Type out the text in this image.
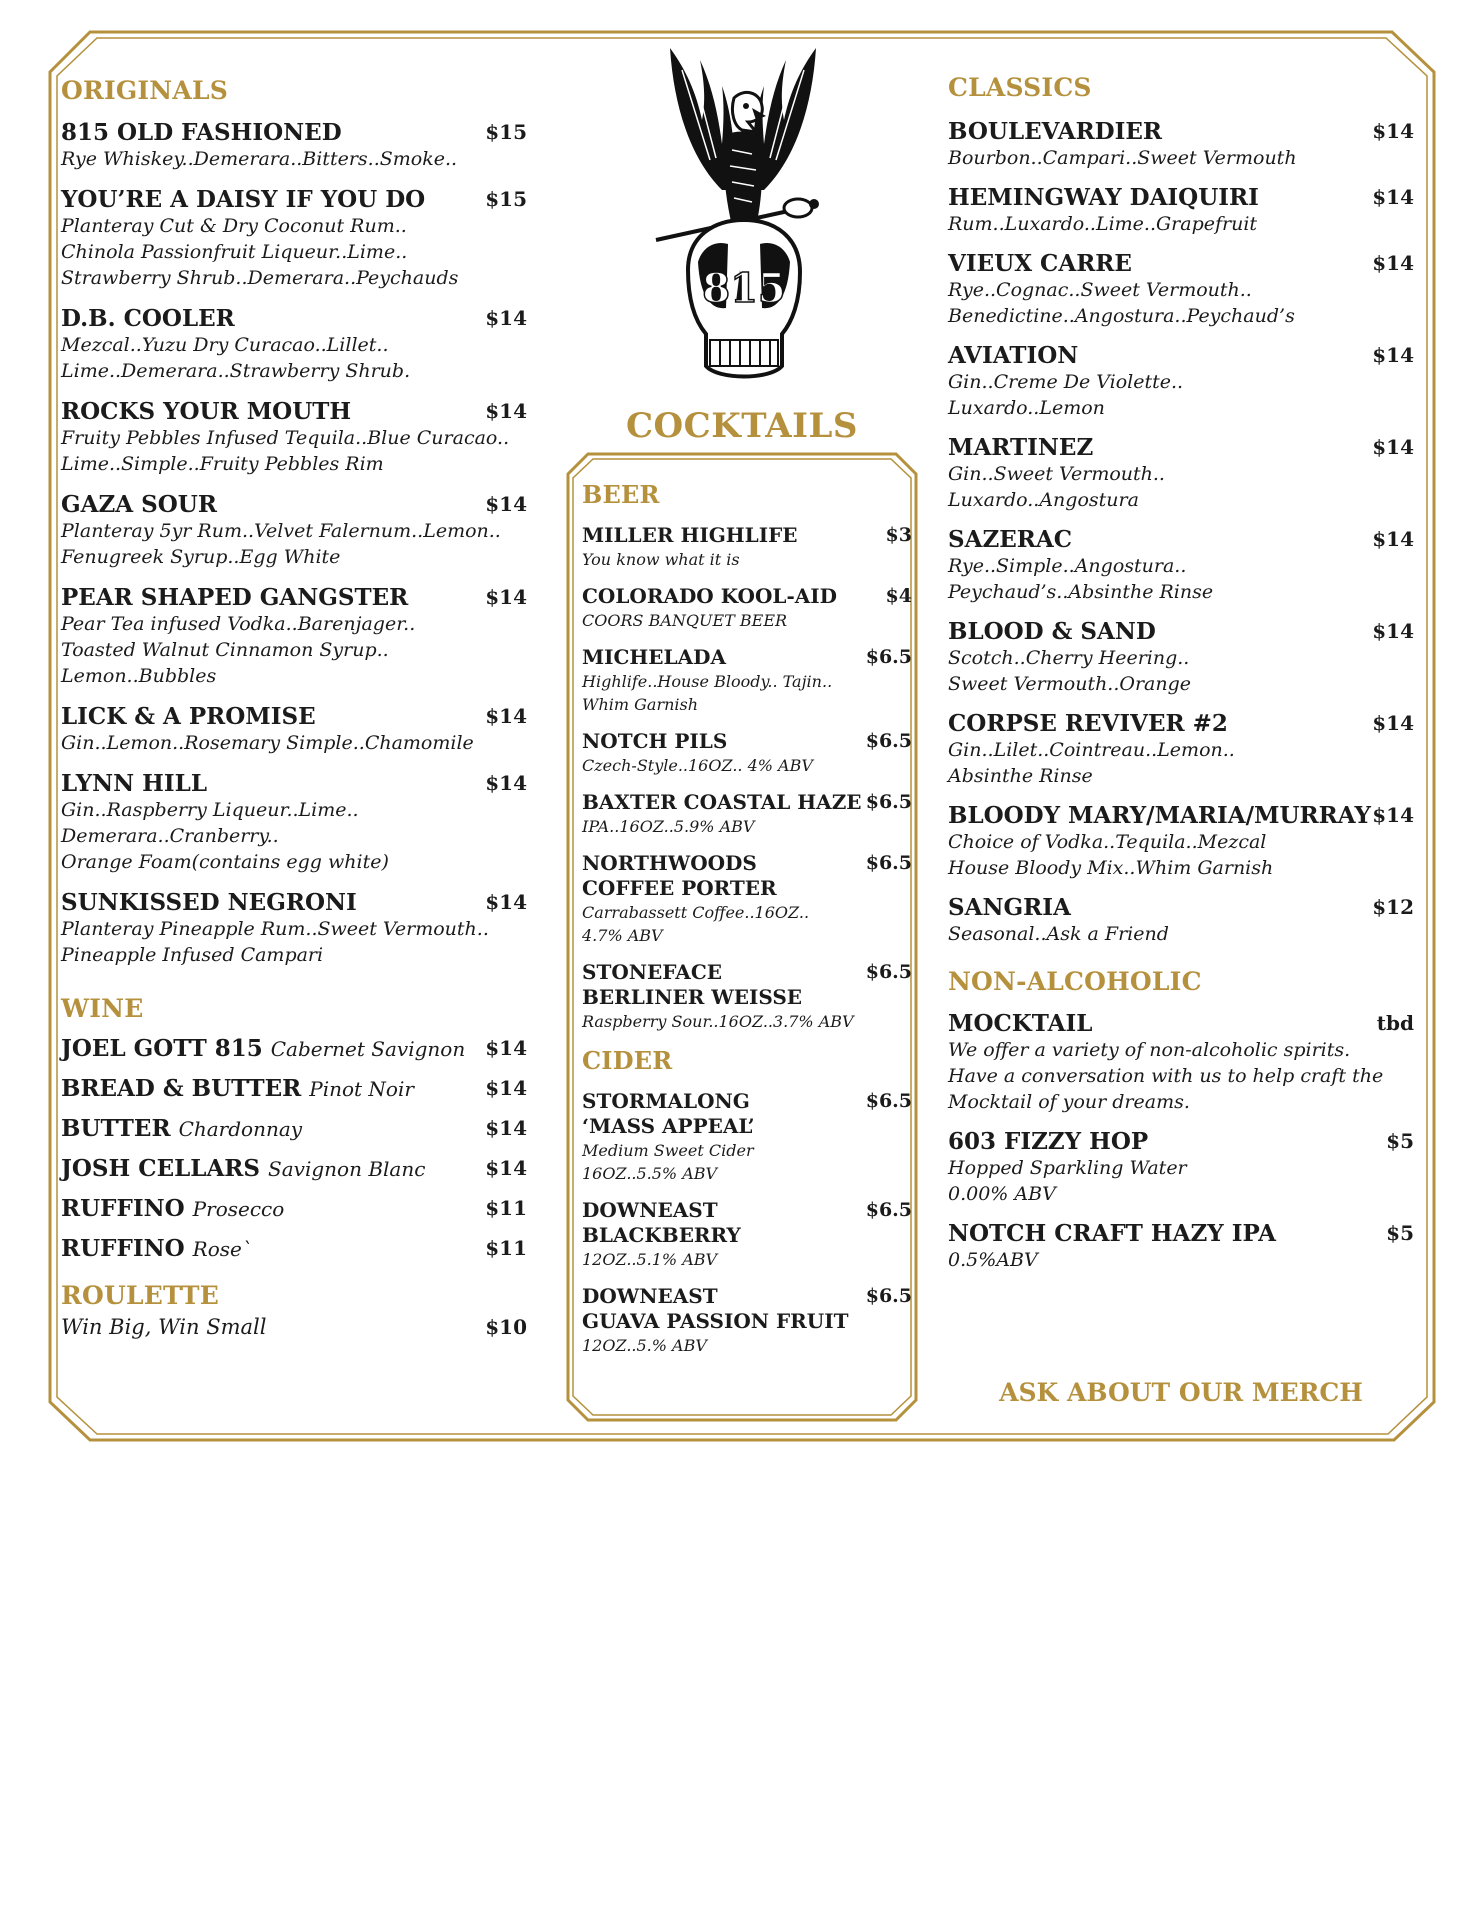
815
COCKTAILS
ORIGINALS
815 OLD FASHIONED	$15
Rye Whiskey..Demerara..Bitters..Smoke..
YOU’RE A DAISY IF YOU DO	$15
Planteray Cut & Dry Coconut Rum..
Chinola Passionfruit Liqueur..Lime..
Strawberry Shrub..Demerara..Peychauds
D.B. COOLER	$14
Mezcal..Yuzu Dry Curacao..Lillet..
Lime..Demerara..Strawberry Shrub.
ROCKS YOUR MOUTH	$14
Fruity Pebbles Infused Tequila..Blue Curacao..
Lime..Simple..Fruity Pebbles Rim
GAZA SOUR	$14
Planteray 5yr Rum..Velvet Falernum..Lemon..
Fenugreek Syrup..Egg White
PEAR SHAPED GANGSTER	$14
Pear Tea infused Vodka..Barenjager..
Toasted Walnut Cinnamon Syrup..
Lemon..Bubbles
LICK & A PROMISE	$14
Gin..Lemon..Rosemary Simple..Chamomile
LYNN HILL	$14
Gin..Raspberry Liqueur..Lime..
Demerara..Cranberry..
Orange Foam(contains egg white)
SUNKISSED NEGRONI	$14
Planteray Pineapple Rum..Sweet Vermouth..
Pineapple Infused Campari
WINE
JOEL GOTT 815 Cabernet Savignon	$14
BREAD & BUTTER Pinot Noir	$14
BUTTER Chardonnay	$14
JOSH CELLARS Savignon Blanc	$14
RUFFINO Prosecco	$11
RUFFINO Rose`	$11
ROULETTE
Win Big, Win Small	$10
BEER
MILLER HIGHLIFE	$3
You know what it is
COLORADO KOOL-AID	$4
COORS BANQUET BEER
MICHELADA	$6.5
Highlife..House Bloody.. Tajin..
Whim Garnish
NOTCH PILS	$6.5
Czech-Style..16OZ.. 4% ABV
BAXTER COASTAL HAZE $6.5
IPA..16OZ..5.9% ABV
NORTHWOODS
COFFEE PORTER
$6.5
Carrabassett Coffee..16OZ..
4.7% ABV
STONEFACE
BERLINER WEISSE
$6.5
Raspberry Sour..16OZ..3.7% ABV
CIDER
STORMALONG
‘MASS APPEAL’
$6.5
Medium Sweet Cider
16OZ..5.5% ABV
DOWNEAST
BLACKBERRY
$6.5
12OZ..5.1% ABV
DOWNEAST
GUAVA PASSION FRUIT
$6.5
12OZ..5.% ABV
CLASSICS
BOULEVARDIER	$14
Bourbon..Campari..Sweet Vermouth
HEMINGWAY DAIQUIRI	$14
Rum..Luxardo..Lime..Grapefruit
VIEUX CARRE	$14
Rye..Cognac..Sweet Vermouth..
Benedictine..Angostura..Peychaud’s
AVIATION	$14
Gin..Creme De Violette..
Luxardo..Lemon
MARTINEZ	$14
Gin..Sweet Vermouth..
Luxardo..Angostura
SAZERAC	$14
Rye..Simple..Angostura..
Peychaud’s..Absinthe Rinse
BLOOD & SAND	$14
Scotch..Cherry Heering..
Sweet Vermouth..Orange
CORPSE REVIVER #2	$14
Gin..Lilet..Cointreau..Lemon..
Absinthe Rinse
BLOODY MARY/MARIA/MURRAY $14
Choice of Vodka..Tequila..Mezcal
House Bloody Mix..Whim Garnish
SANGRIA	$12
Seasonal..Ask a Friend
NON-ALCOHOLIC
MOCKTAIL	tbd
We offer a variety of non-alcoholic spirits.
Have a conversation with us to help craft the
Mocktail of your dreams.
603 FIZZY HOP	$5
Hopped Sparkling Water
0.00% ABV
NOTCH CRAFT HAZY IPA	$5
0.5%ABV
ASK ABOUT OUR MERCH
